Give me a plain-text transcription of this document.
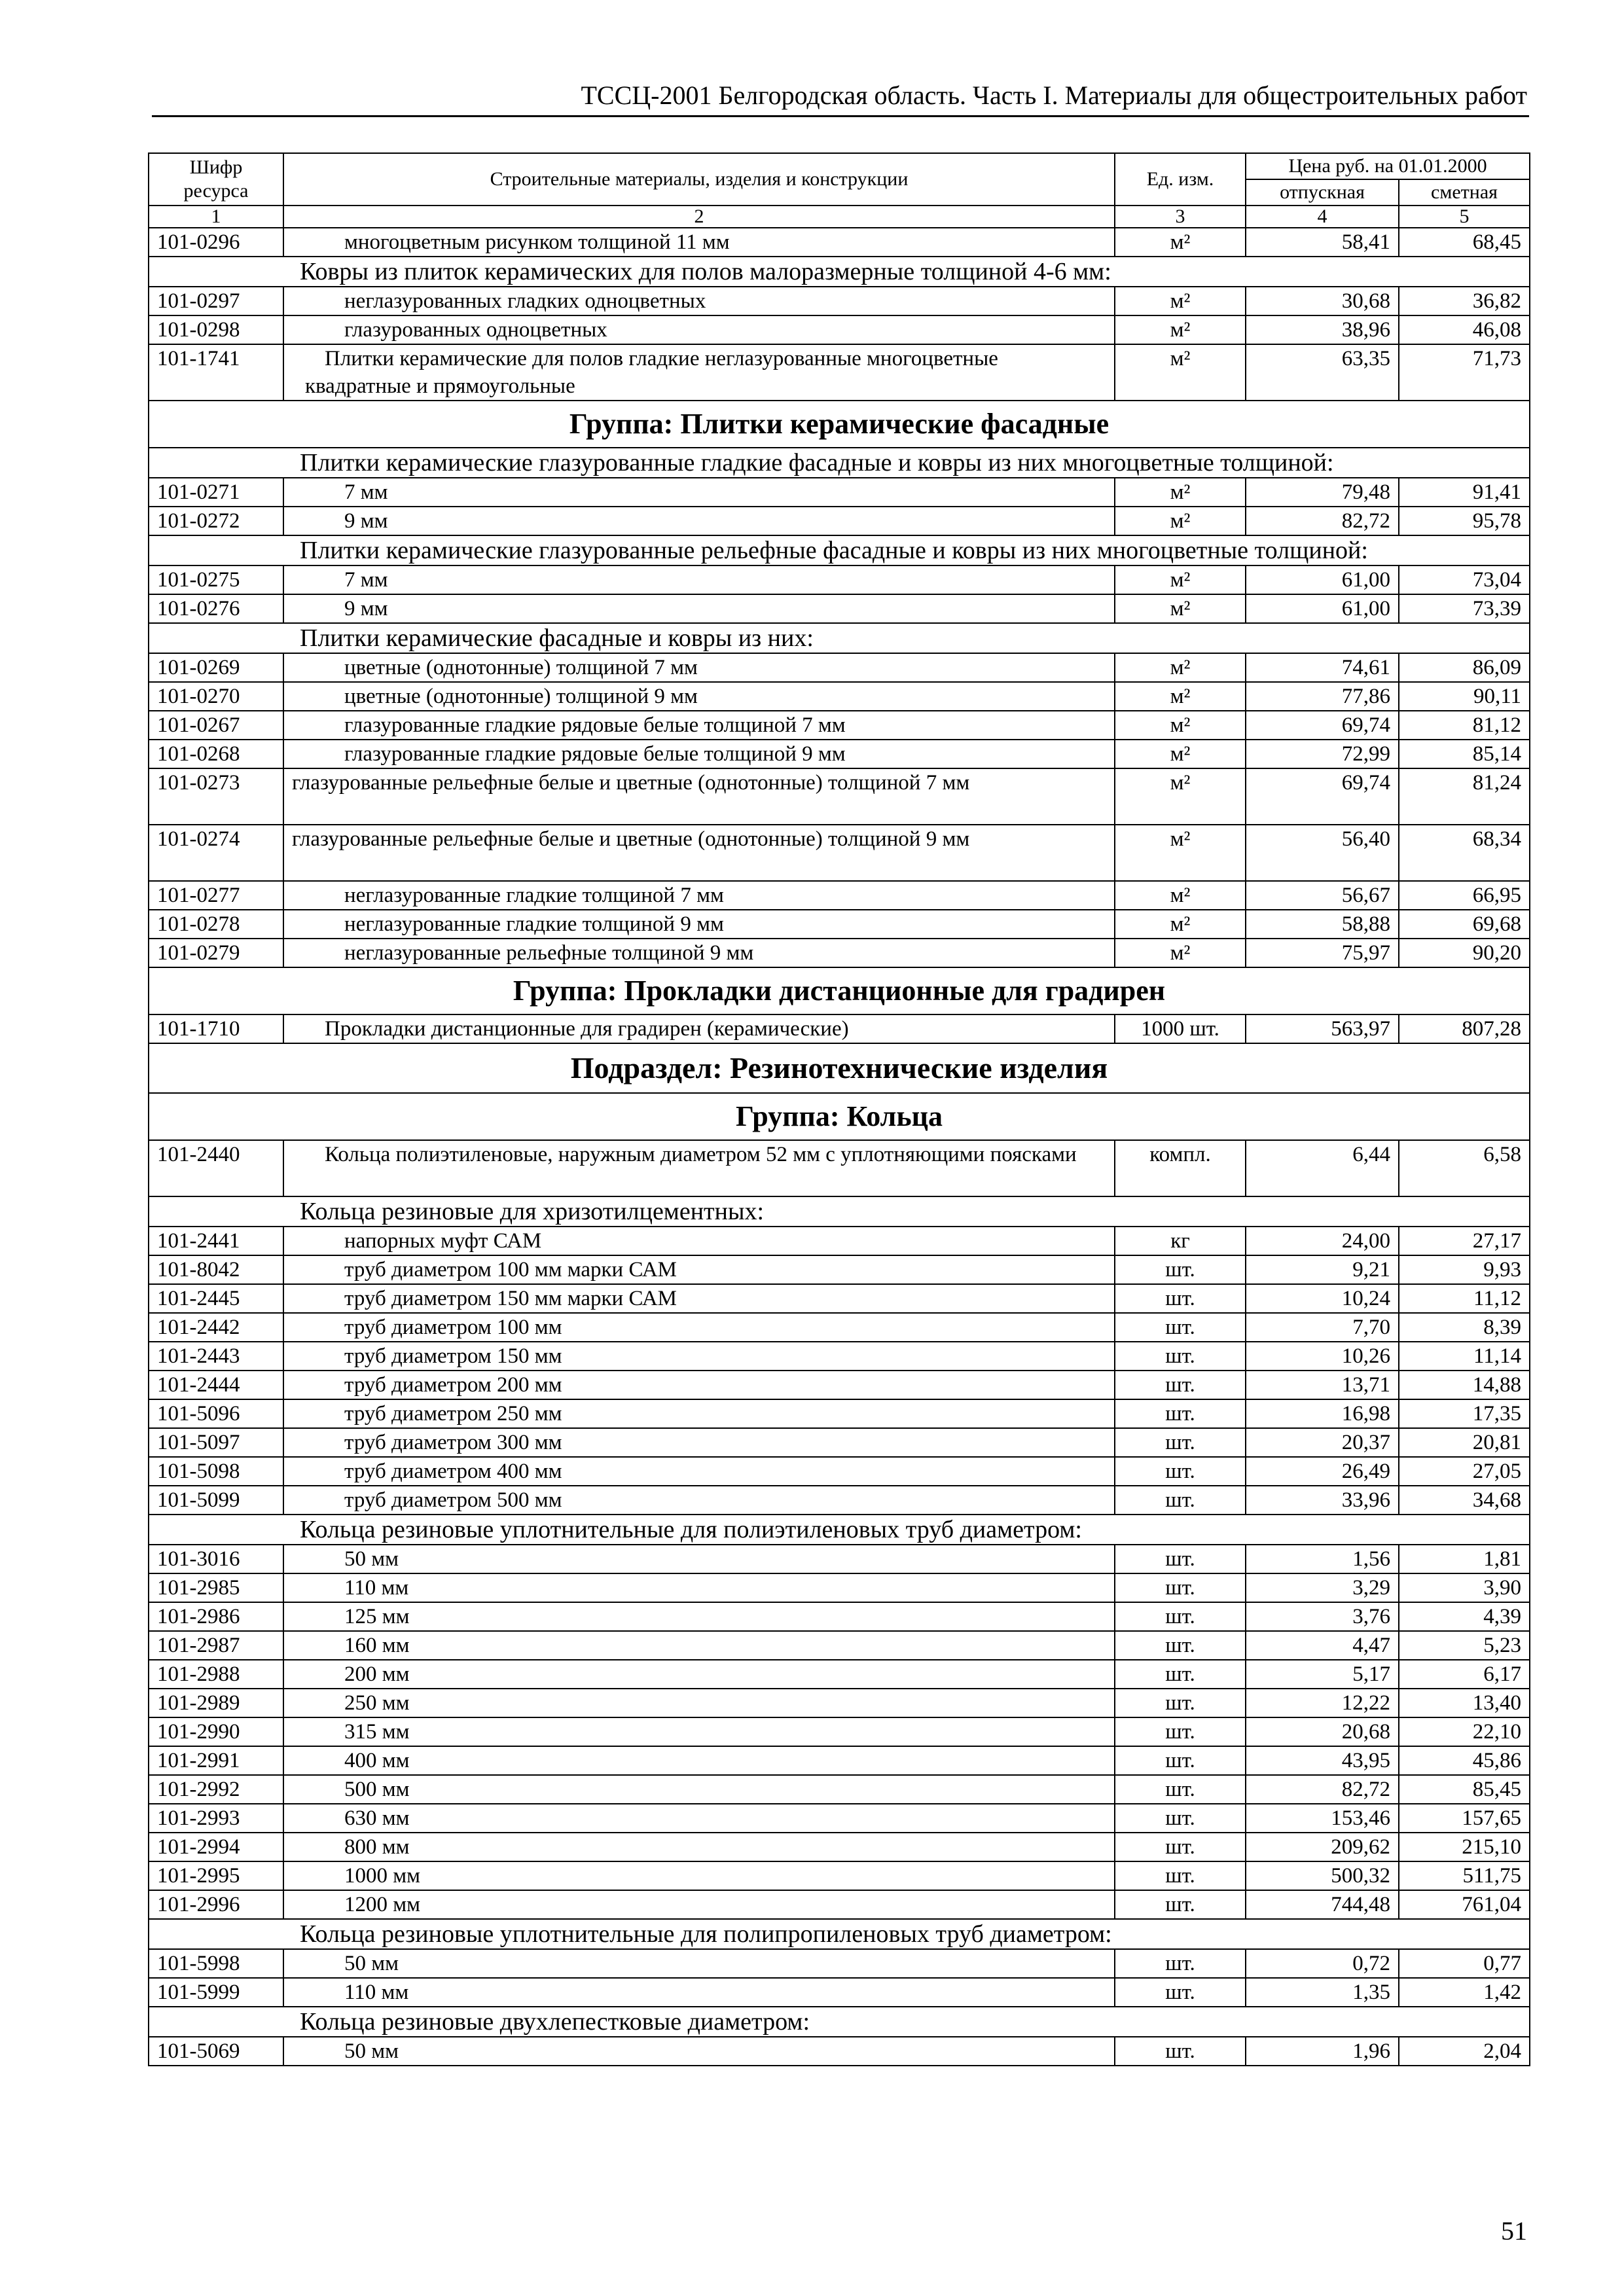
ТССЦ-2001 Белгородская область. Часть I. Материалы для общестроительных работ
Шифр ресурса	Строительные материалы, изделия и конструкции	Ед. изм.	Цена руб. на 01.01.2000	
			отпускная	сметная
1	2	3	4	5
101-0296	многоцветным рисунком толщиной 11 мм	м²	58,41	68,45

Ковры из плиток керамических для полов малоразмерные толщиной 4-6 мм:				

101-0297	неглазурованных гладких одноцветных	м²	30,68	36,82
101-0298	глазурованных одноцветных	м²	38,96	46,08
101-1741	Плитки керамические для полов гладкие неглазурованные многоцветные квадратные и прямоугольные	м²	63,35	71,73
Группа: Плитки керамические фасадные				

Плитки керамические глазурованные гладкие фасадные и ковры из них многоцветные толщиной:				

101-0271	7 мм	м²	79,48	91,41
101-0272	9 мм	м²	82,72	95,78

Плитки керамические глазурованные рельефные фасадные и ковры из них многоцветные толщиной:				

101-0275	7 мм	м²	61,00	73,04
101-0276	9 мм	м²	61,00	73,39

Плитки керамические фасадные и ковры из них:				

101-0269	цветные (однотонные) толщиной 7 мм	м²	74,61	86,09
101-0270	цветные (однотонные) толщиной 9 мм	м²	77,86	90,11
101-0267	глазурованные гладкие рядовые белые толщиной 7 мм	м²	69,74	81,12
101-0268	глазурованные гладкие рядовые белые толщиной 9 мм	м²	72,99	85,14
101-0273	глазурованные рельефные белые и цветные (однотонные) толщиной 7 мм	м²	69,74	81,24
101-0274	глазурованные рельефные белые и цветные (однотонные) толщиной 9 мм	м²	56,40	68,34
101-0277	неглазурованные гладкие толщиной 7 мм	м²	56,67	66,95
101-0278	неглазурованные гладкие толщиной 9 мм	м²	58,88	69,68
101-0279	неглазурованные рельефные толщиной 9 мм	м²	75,97	90,20
Группа: Прокладки дистанционные для градирен				
101-1710	Прокладки дистанционные для градирен (керамические)	1000 шт.	563,97	807,28
Подраздел: Резинотехнические изделия				
Группа: Кольца				
101-2440	Кольца полиэтиленовые, наружным диаметром 52 мм с уплотняющими поясками	компл.	6,44	6,58

Кольца резиновые для хризотилцементных:				

101-2441	напорных муфт САМ	кг	24,00	27,17
101-8042	труб диаметром 100 мм марки САМ	шт.	9,21	9,93
101-2445	труб диаметром 150 мм марки САМ	шт.	10,24	11,12
101-2442	труб диаметром 100 мм	шт.	7,70	8,39
101-2443	труб диаметром 150 мм	шт.	10,26	11,14
101-2444	труб диаметром 200 мм	шт.	13,71	14,88
101-5096	труб диаметром 250 мм	шт.	16,98	17,35
101-5097	труб диаметром 300 мм	шт.	20,37	20,81
101-5098	труб диаметром 400 мм	шт.	26,49	27,05
101-5099	труб диаметром 500 мм	шт.	33,96	34,68

Кольца резиновые уплотнительные для полиэтиленовых труб диаметром:				

101-3016	50 мм	шт.	1,56	1,81
101-2985	110 мм	шт.	3,29	3,90
101-2986	125 мм	шт.	3,76	4,39
101-2987	160 мм	шт.	4,47	5,23
101-2988	200 мм	шт.	5,17	6,17
101-2989	250 мм	шт.	12,22	13,40
101-2990	315 мм	шт.	20,68	22,10
101-2991	400 мм	шт.	43,95	45,86
101-2992	500 мм	шт.	82,72	85,45
101-2993	630 мм	шт.	153,46	157,65
101-2994	800 мм	шт.	209,62	215,10
101-2995	1000 мм	шт.	500,32	511,75
101-2996	1200 мм	шт.	744,48	761,04

Кольца резиновые уплотнительные для полипропиленовых труб диаметром:				

101-5998	50 мм	шт.	0,72	0,77
101-5999	110 мм	шт.	1,35	1,42

Кольца резиновые двухлепестковые диаметром:				

101-5069	50 мм	шт.	1,96	2,04
51
